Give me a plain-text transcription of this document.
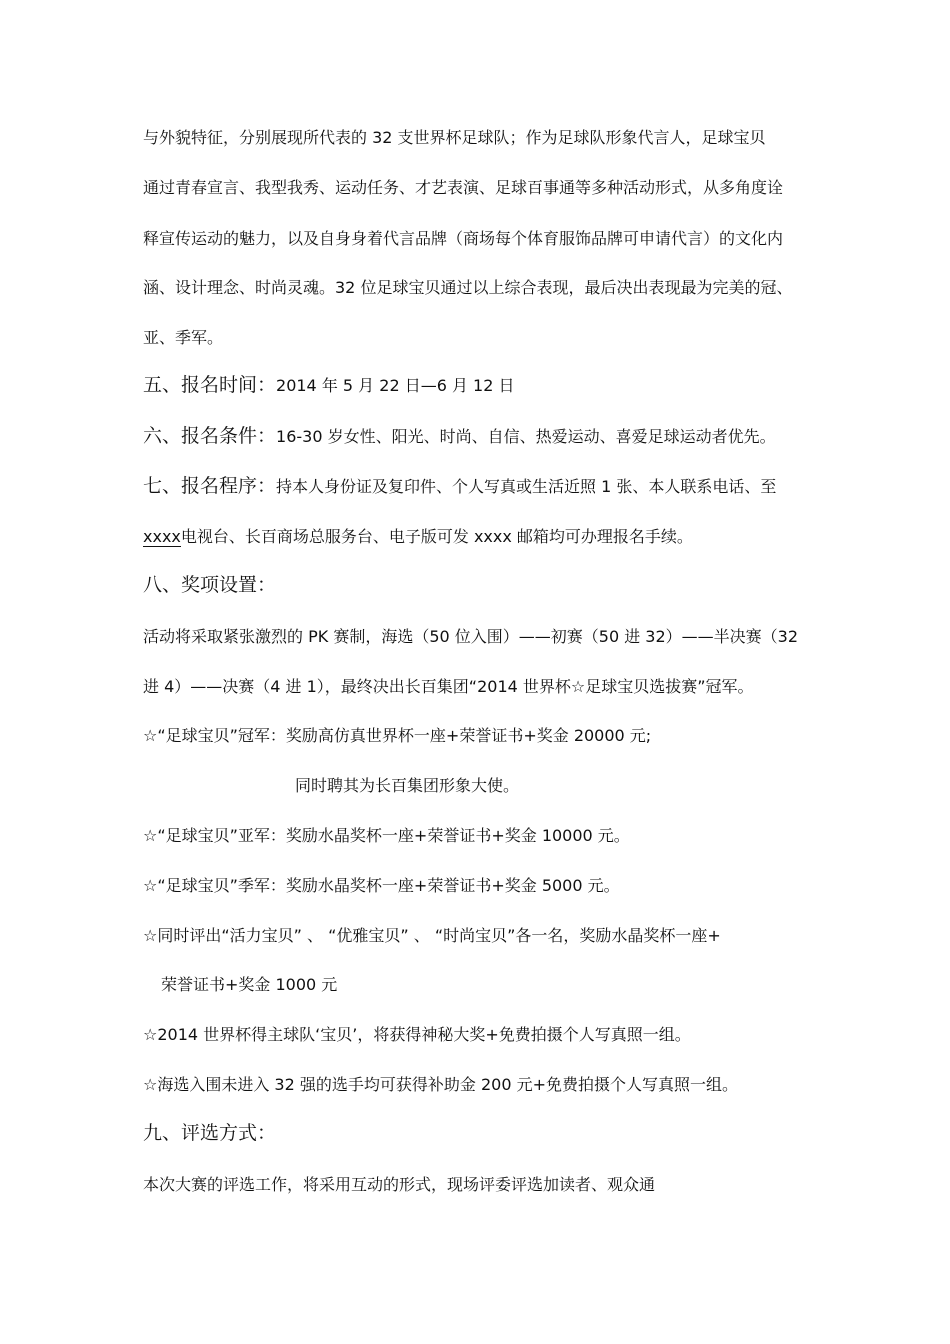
与外貌特征，分别展现所代表的 32 支世界杯足球队；作为足球队形象代言人，足球宝贝
通过青春宣言、我型我秀、运动任务、才艺表演、足球百事通等多种活动形式，从多角度诠
释宣传运动的魅力，以及自身身着代言品牌（商场每个体育服饰品牌可申请代言）的文化内
涵、设计理念、时尚灵魂。32 位足球宝贝通过以上综合表现，最后决出表现最为完美的冠、
亚、季军。
五、报名时间：2014 年 5 月 22 日—6 月 12 日
六、报名条件：16-30 岁女性、阳光、时尚、自信、热爱运动、喜爱足球运动者优先。
七、报名程序：持本人身份证及复印件、个人写真或生活近照 1 张、本人联系电话、至
xxxx电视台、长百商场总服务台、电子版可发 xxxx 邮箱均可办理报名手续。
八、奖项设置：
活动将采取紧张激烈的 PK 赛制，海选（50 位入围）——初赛（50 进 32）——半决赛（32
进 4）——决赛（4 进 1），最终决出长百集团“2014 世界杯☆足球宝贝选拔赛”冠军。
☆“足球宝贝”冠军：奖励高仿真世界杯一座+荣誉证书+奖金 20000 元;
同时聘其为长百集团形象大使。
☆“足球宝贝”亚军：奖励水晶奖杯一座+荣誉证书+奖金 10000 元。
☆“足球宝贝”季军：奖励水晶奖杯一座+荣誉证书+奖金 5000 元。
☆同时评出“活力宝贝” 、 “优雅宝贝” 、 “时尚宝贝”各一名，奖励水晶奖杯一座+
荣誉证书+奖金 1000 元
☆2014 世界杯得主球队‘宝贝’，将获得神秘大奖+免费拍摄个人写真照一组。
☆海选入围未进入 32 强的选手均可获得补助金 200 元+免费拍摄个人写真照一组。
九、评选方式：
本次大赛的评选工作，将采用互动的形式，现场评委评选加读者、观众通
